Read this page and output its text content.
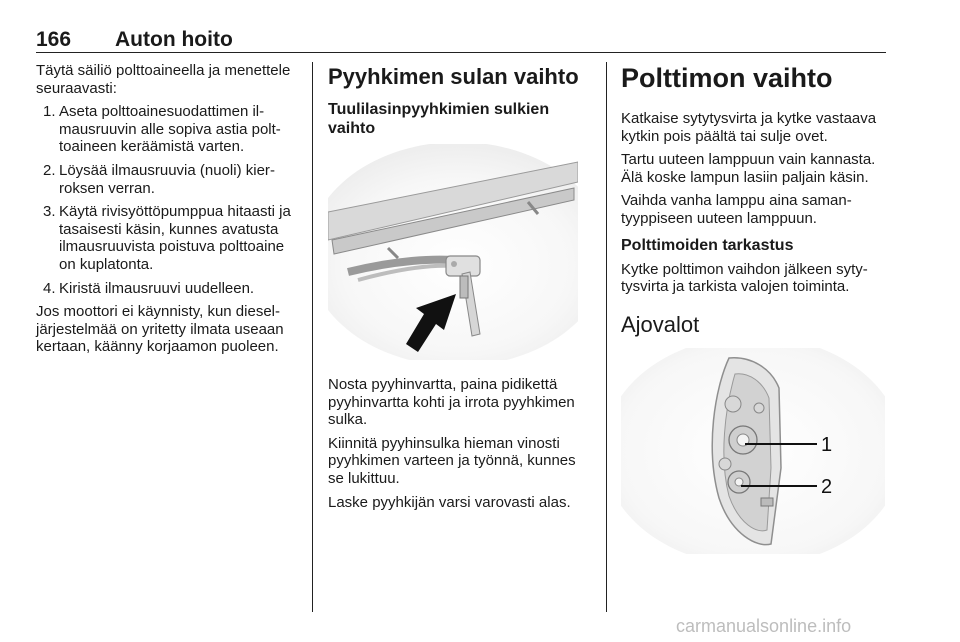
166 Auton hoito

Täytä säiliö polttoaineella ja menettele seuraavasti:

1. Aseta polttoainesuodattimen ilmausruuvin alle sopiva astia polttoaineen keräämistä varten.
2. Löysää ilmausruuvia (nuoli) kierroksen verran.
3. Käytä rivisyöttöpumppua hitaasti ja tasaisesti käsin, kunnes avatusta ilmausruuvista poistuva polttoaine on kuplatonta.
4. Kiristä ilmausruuvi uudelleen.

Jos moottori ei käynnisty, kun dieseljärjestelmää on yritetty ilmata useaan kertaan, käänny korjaamon puoleen.

Pyyhkimen sulan vaihto
Tuulilasinpyyhkimien sulkien vaihto

Nosta pyyhinvartta, paina pidikettä pyyhinvartta kohti ja irrota pyyhkimen sulka.

Kiinnitä pyyhinsulka hieman vinosti pyyhkimen varteen ja työnnä, kunnes se lukittuu.

Laske pyyhkijän varsi varovasti alas.

Polttimon vaihto

Katkaise sytytysvirta ja kytke vastaava kytkin pois päältä tai sulje ovet.

Tartu uuteen lamppuun vain kannasta. Älä koske lampun lasiin paljain käsin.

Vaihda vanha lamppu aina samantyyppiseen uuteen lamppuun.

Polttimoiden tarkastus

Kytke polttimon vaihdon jälkeen sytytysvirta ja tarkista valojen toiminta.

Ajovalot
1
2
carmanualsonline.info
